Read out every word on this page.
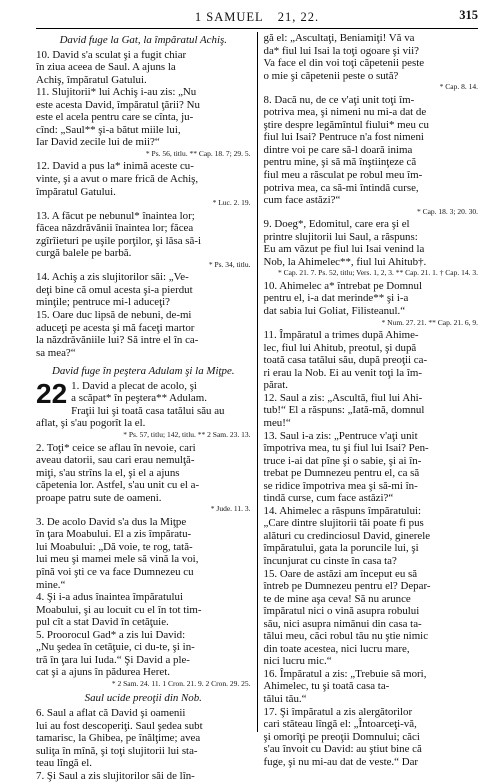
1 SAMUEL 21, 22.	315
David fuge la Gat, la împăratul Achiş.
10. David s'a sculat şi a fugit chiar
în ziua aceea de Saul. A ajuns la
Achiş, împăratul Gatului.
11. Slujitorii* lui Achiş i-au zis: „Nu
este acesta David, împăratul ţării? Nu
este el acela pentru care se cînta, ju-
cînd: „Saul** şi-a bătut miile lui,
Iar David zecile lui de mii?“
* Ps. 56, titlu. ** Cap. 18. 7; 29. 5.
12. David a pus la* inimă aceste cu-
vinte, şi a avut o mare frică de Achiş,
împăratul Gatului.
* Luc. 2. 19.
13. A făcut pe nebunul* înaintea lor;
făcea năzdrăvănii înaintea lor; făcea
zgîrîieturi pe uşile porţilor, şi lăsa să-i
curgă balele pe barbă.
* Ps. 34, titlu.
14. Achiş a zis slujitorilor săi: „Ve-
deţi bine că omul acesta şi-a pierdut
minţile; pentruce mi-l aduceţi?
15. Oare duc lipsă de nebuni, de-mi
aduceţi pe acesta şi mă faceţi martor
la năzdrăvăniile lui? Să intre el în ca-
sa mea?“
David fuge în peştera Adulam şi la Miţpe.
22 1. David a plecat de acolo, şi
a scăpat* în peştera** Adulam.
Fraţii lui şi toată casa tatălui său au
aflat, şi s'au pogorît la el.
* Ps. 57, titlu; 142, titlu. ** 2 Sam. 23. 13.
2. Toţi* ceice se aflau în nevoie, cari
aveau datorii, sau cari erau nemulţă-
miţi, s'au strîns la el, şi el a ajuns
căpetenia lor. Astfel, s'au unit cu el a-
proape patru sute de oameni.
* Jude. 11. 3.
3. De acolo David s'a dus la Miţpe
în ţara Moabului. El a zis împăratu-
lui Moabului: „Dă voie, te rog, tată-
lui meu şi mamei mele să vină la voi,
pînă voi şti ce va face Dumnezeu cu
mine.“
4. Şi i-a adus înaintea împăratului
Moabului, şi au locuit cu el în tot tim-
pul cît a stat David în cetăţuie.
5. Proorocul Gad* a zis lui David:
„Nu şedea în cetăţuie, ci du-te, şi in-
tră în ţara lui Iuda.“ Şi David a ple-
cat şi a ajuns în pădurea Heret.
* 2 Sam. 24. 11. 1 Cron. 21. 9. 2 Cron. 29. 25.
Saul ucide preoţii din Nob.
6. Saul a aflat că David şi oamenii
lui au fost descoperiţi. Saul şedea subt
tamarisc, la Ghibea, pe înălţime; avea
suliţa în mînă, şi toţi slujitorii lui sta-
teau lîngă el.
7. Şi Saul a zis slujitorilor săi de lîn-
gă el: „Ascultaţi, Beniamiţi! Vă va
da* fiul lui Isai la toţi ogoare şi vii?
Va face el din voi toţi căpetenii peste
o mie şi căpetenii peste o sută?
* Cap. 8. 14.
8. Dacă nu, de ce v'aţi unit toţi îm-
potriva mea, şi nimeni nu mi-a dat de
ştire despre legămîntul fiului* meu cu
fiul lui Isai? Pentruce n'a fost nimeni
dintre voi pe care să-l doară inima
pentru mine, şi să mă înştiinţeze că
fiul meu a răsculat pe robul meu îm-
potriva mea, ca să-mi întindă curse,
cum face astăzi?“
* Cap. 18. 3; 20. 30.
9. Doeg*, Edomitul, care era şi el
printre slujitorii lui Saul, a răspuns:
Eu am văzut pe fiul lui Isai venind la
Nob, la Ahimelec**, fiul lui Ahitub†.
* Cap. 21. 7. Ps. 52, titlu; Vers. 1, 2, 3. ** Cap. 21. 1. † Cap. 14. 3.
10. Ahimelec a* întrebat pe Domnul
pentru el, i-a dat merinde** şi i-a
dat sabia lui Goliat, Filisteanul.“
* Num. 27. 21. ** Cap. 21. 6, 9.
11. Împăratul a trimes după Ahime-
lec, fiul lui Ahitub, preotul, şi după
toată casa tatălui său, după preoţii ca-
ri erau la Nob. Ei au venit toţi la îm-
părat.
12. Saul a zis: „Ascultă, fiul lui Ahi-
tub!“ El a răspuns: „Iată-mă, domnul
meu!“
13. Saul i-a zis: „Pentruce v'aţi unit
împotriva mea, tu şi fiul lui Isai? Pen-
truce i-ai dat pîne şi o sabie, şi ai în-
trebat pe Dumnezeu pentru el, ca să
se ridice împotriva mea şi să-mi în-
tindă curse, cum face astăzi?“
14. Ahimelec a răspuns împăratului:
„Care dintre slujitorii tăi poate fi pus
alături cu credinciosul David, ginerele
împăratului, gata la poruncile lui, şi
încunjurat cu cinste în casa ta?
15. Oare de astăzi am început eu să
întreb pe Dumnezeu pentru el? Depar-
te de mine aşa ceva! Să nu arunce
împăratul nici o vină asupra robului
său, nici asupra nimănui din casa ta-
tălui meu, căci robul tău nu ştie nimic
din toate acestea, nici lucru mare,
nici lucru mic.“
16. Împăratul a zis: „Trebuie să mori,
Ahimelec, tu şi toată casa ta-
tălui tău.“
17. Şi împăratul a zis alergătorilor
cari stăteau lîngă el: „Întoarceţi-vă,
şi omorîţi pe preoţii Domnului; căci
s'au învoit cu David: au ştiut bine că
fuge, şi nu mi-au dat de veste.“ Dar
